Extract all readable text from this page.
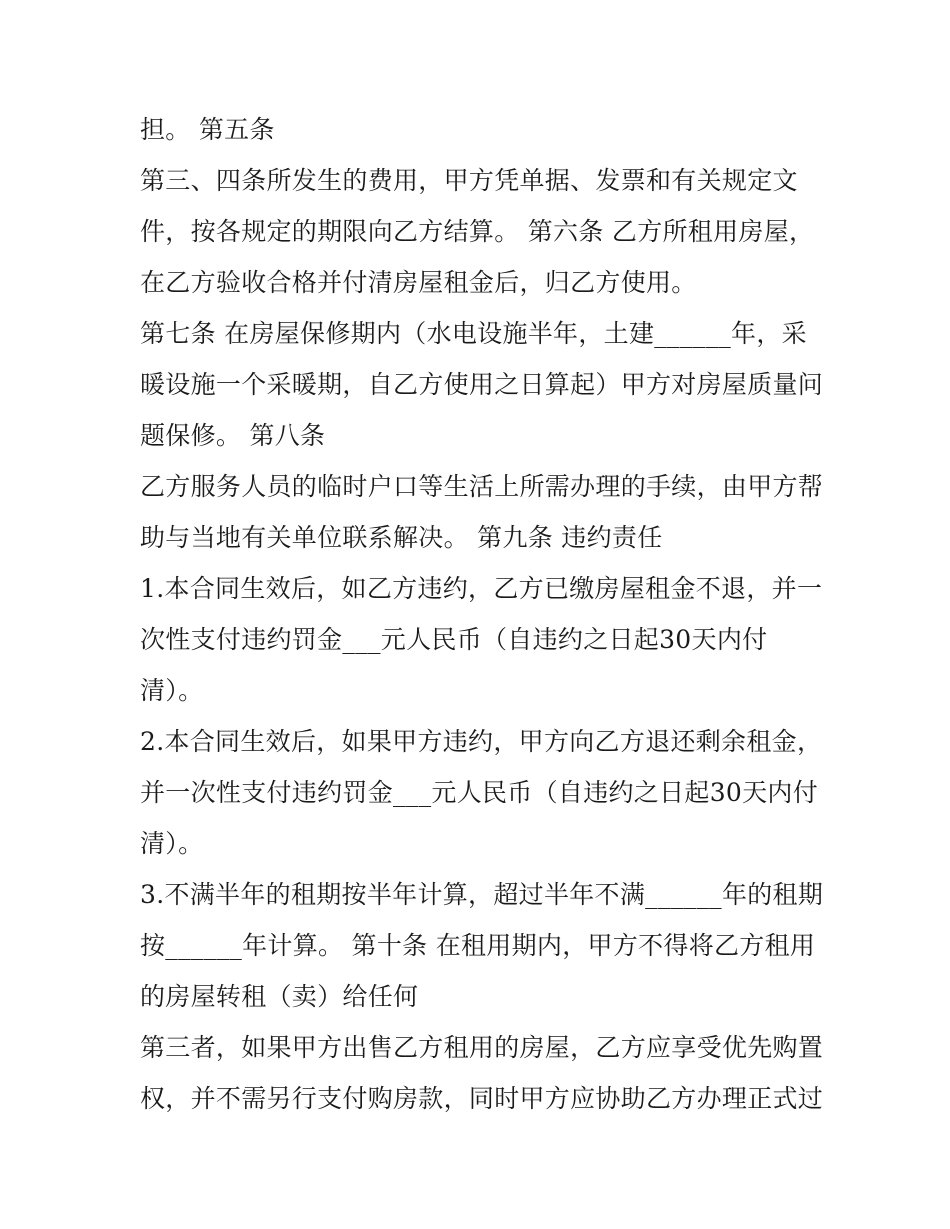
担。 第五条
第三、四条所发生的费用，甲方凭单据、发票和有关规定文
件，按各规定的期限向乙方结算。 第六条 乙方所租用房屋，
在乙方验收合格并付清房屋租金后，归乙方使用。
第七条 在房屋保修期内（水电设施半年，土建______年，采
暖设施一个采暖期，自乙方使用之日算起）甲方对房屋质量问
题保修。 第八条
乙方服务人员的临时户口等生活上所需办理的手续，由甲方帮
助与当地有关单位联系解决。 第九条 违约责任
1.本合同生效后，如乙方违约，乙方已缴房屋租金不退，并一
次性支付违约罚金___元人民币（自违约之日起30天内付
清）。
2.本合同生效后，如果甲方违约，甲方向乙方退还剩余租金，
并一次性支付违约罚金___元人民币（自违约之日起30天内付
清）。
3.不满半年的租期按半年计算，超过半年不满______年的租期
按______年计算。 第十条 在租用期内，甲方不得将乙方租用
的房屋转租（卖）给任何
第三者，如果甲方出售乙方租用的房屋，乙方应享受优先购置
权，并不需另行支付购房款，同时甲方应协助乙方办理正式过
